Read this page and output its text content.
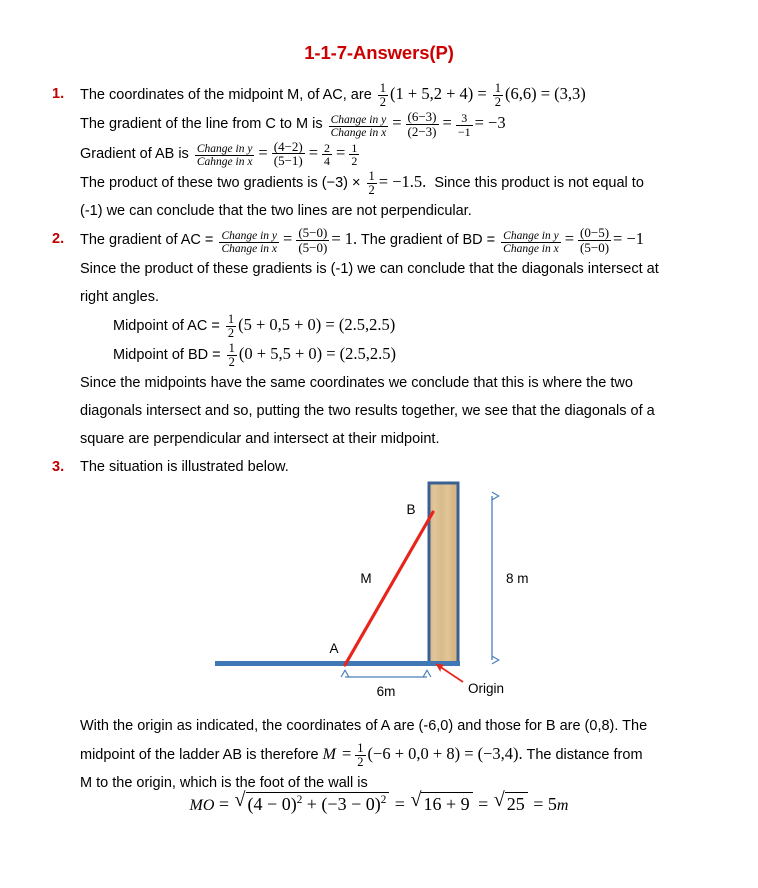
1-1-7-Answers(P)
1. The coordinates of the midpoint M, of AC, are $\frac{1}{2} (1 + 5,2 + 4) = \frac{1}{2} (6,6) = (3,3)$
The gradient of the line from C to M is $\frac{\text{Change in y}}{\text{Change in x}} = \frac{(6-3)}{(2-3)} = \frac{3}{-1} = -3$
Gradient of AB is $\frac{\text{Change in y}}{\text{Cahnge in x}} = \frac{(4-2)}{(5-1)} = \frac{2}{4} = \frac{1}{2}$
The product of these two gradients is $(-3) \times \frac{1}{2} = -1.5$. Since this product is not equal to
(-1) we can conclude that the two lines are not perpendicular.
2. The gradient of AC = $\frac{\text{Change in y}}{\text{Change in x}} = \frac{(5-0)}{(5-0)} = 1$. The gradient of BD = $\frac{\text{Change in y}}{\text{Change in x}} = \frac{(0-5)}{(5-0)} = -1$
Since the product of these gradients is (-1) we can conclude that the diagonals intersect at
right angles.
Midpoint of AC = $\frac{1}{2} (5 + 0,5 + 0) = (2.5,2.5)$
Midpoint of BD = $\frac{1}{2} (0 + 5,5 + 0) = (2.5,2.5)$
Since the midpoints have the same coordinates we conclude that this is where the two
diagonals intersect and so, putting the two results together, we see that the diagonals of a
square are perpendicular and intersect at their midpoint.
3. The situation is illustrated below.
B
M
A
8 m
6m	Origin
With the origin as indicated, the coordinates of A are (-6,0) and those for B are (0,8). The
midpoint of the ladder AB is therefore $M = \frac{1}{2} (-6 + 0,0 + 8) = (-3,4)$. The distance from
M to the origin, which is the foot of the wall is
MO = √ $(4 - 0)^2 + (-3 - 0)^2$ = √ 16 + 9 = √ 25 = 5m
